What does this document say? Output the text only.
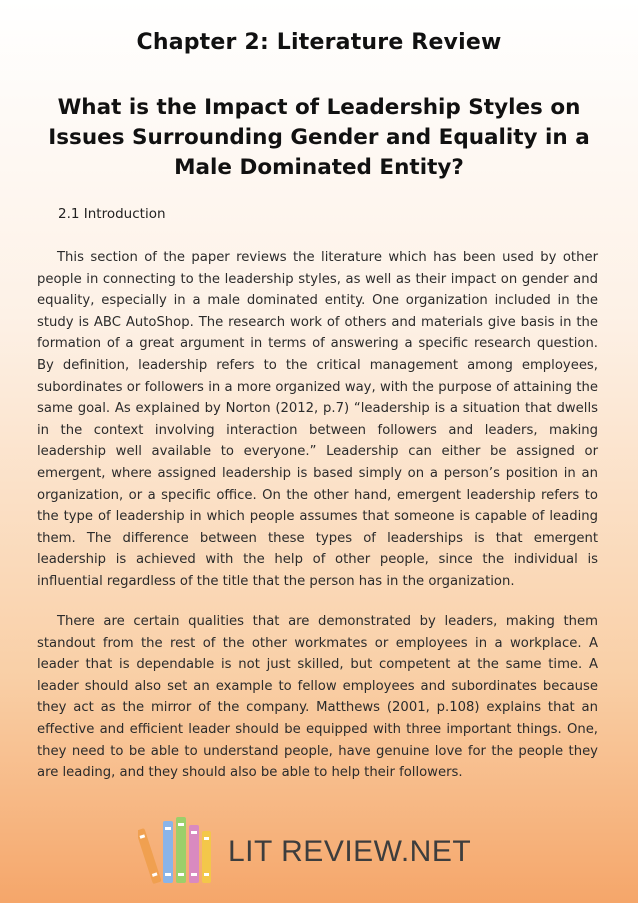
Chapter 2: Literature Review
What is the Impact of Leadership Styles on Issues Surrounding Gender and Equality in a Male Dominated Entity?
2.1 Introduction

This section of the paper reviews the literature which has been used by other people in connecting to the leadership styles, as well as their impact on gender and equality, especially in a male dominated entity. One organization included in the study is ABC AutoShop. The research work of others and materials give basis in the formation of a great argument in terms of answering a specific research question. By definition, leadership refers to the critical management among employees, subordinates or followers in a more organized way, with the purpose of attaining the same goal. As explained by Norton (2012, p.7) “leadership is a situation that dwells in the context involving interaction between followers and leaders, making leadership well available to everyone.” Leadership can either be assigned or emergent, where assigned leadership is based simply on a person’s position in an organization, or a specific office. On the other hand, emergent leadership refers to the type of leadership in which people assumes that someone is capable of leading them. The difference between these types of leaderships is that emergent leadership is achieved with the help of other people, since the individual is influential regardless of the title that the person has in the organization.

There are certain qualities that are demonstrated by leaders, making them standout from the rest of the other workmates or employees in a workplace. A leader that is dependable is not just skilled, but competent at the same time. A leader should also set an example to fellow employees and subordinates because they act as the mirror of the company. Matthews (2001, p.108) explains that an effective and efficient leader should be equipped with three important things. One, they need to be able to understand people, have genuine love for the people they are leading, and they should also be able to help their followers.

LIT REVIEW.NET
